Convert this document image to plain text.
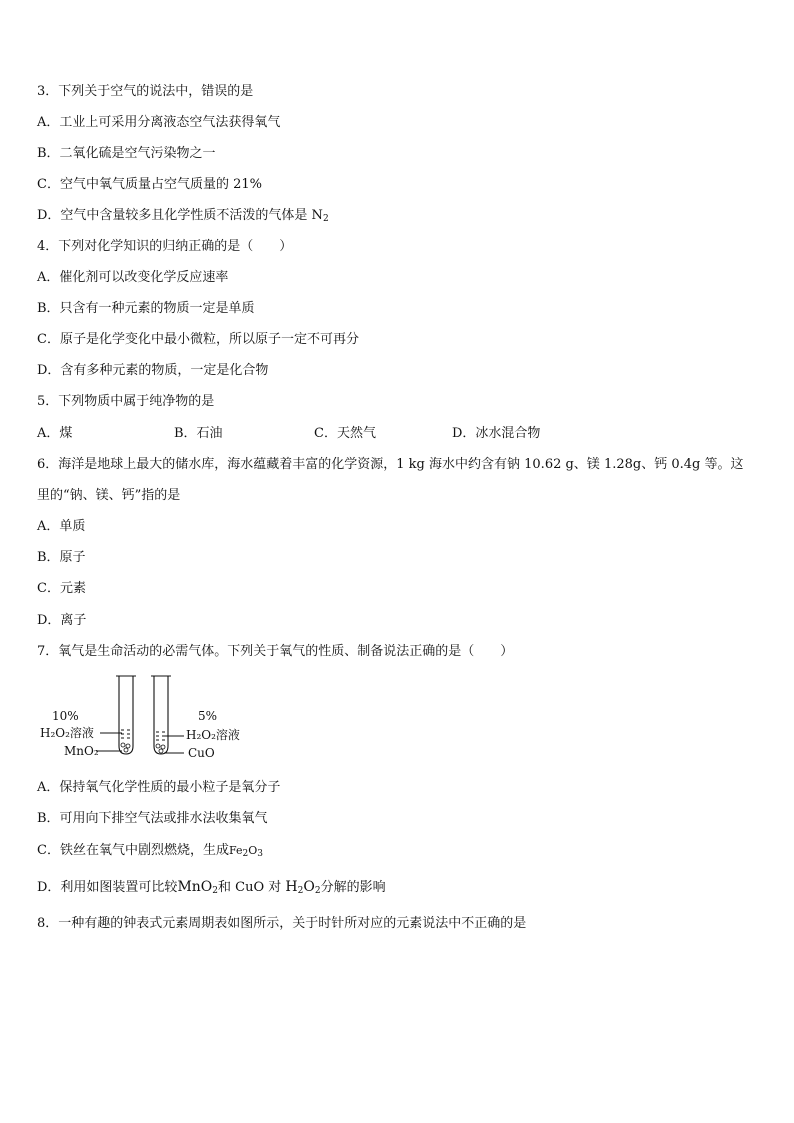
3．下列关于空气的说法中，错误的是
A．工业上可采用分离液态空气法获得氧气
B．二氧化硫是空气污染物之一
C．空气中氧气质量占空气质量的 21%
D．空气中含量较多且化学性质不活泼的气体是 $N_2$
4．下列对化学知识的归纳正确的是（　　）
A．催化剂可以改变化学反应速率
B．只含有一种元素的物质一定是单质
C．原子是化学变化中最小微粒，所以原子一定不可再分
D．含有多种元素的物质，一定是化合物
5．下列物质中属于纯净物的是
A．煤	B．石油	C．天然气	D．冰水混合物
6．海洋是地球上最大的储水库，海水蕴藏着丰富的化学资源，1 kg 海水中约含有钠 10.62 g、镁 1.28g、钙 0.4g 等。这
里的“钠、镁、钙”指的是
A．单质
B．原子
C．元素
D．离子
7．氧气是生命活动的必需气体。下列关于氧气的性质、制备说法正确的是（　　）
10%
H₂O₂溶液
MnO₂
5%
H₂O₂溶液
CuO
A．保持氧气化学性质的最小粒子是氧分子
B．可用向下排空气法或排水法收集氧气
C．铁丝在氧气中剧烈燃烧，生成$Fe_2O_3$
D．利用如图装置可比较MnO$_2$和 CuO 对 $H_2O_2$分解的影响
8．一种有趣的钟表式元素周期表如图所示，关于时针所对应的元素说法中不正确的是
